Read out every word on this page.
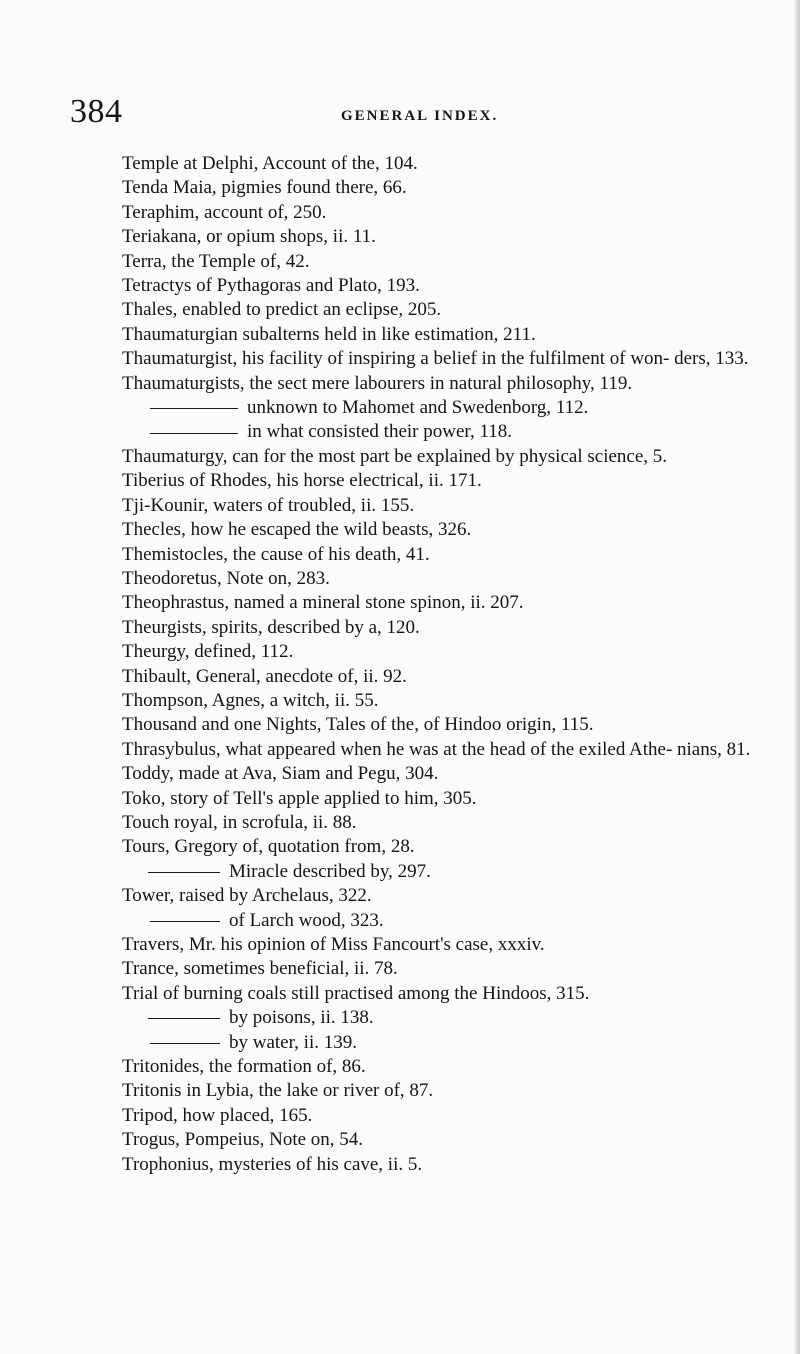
384	GENERAL INDEX.
Temple at Delphi, Account of the, 104.
Tenda Maia, pigmies found there, 66.
Teraphim, account of, 250.
Teriakana, or opium shops, ii. 11.
Terra, the Temple of, 42.
Tetractys of Pythagoras and Plato, 193.
Thales, enabled to predict an eclipse, 205.
Thaumaturgian subalterns held in like estimation, 211.
Thaumaturgist, his facility of inspiring a belief in the fulfilment of won- ders, 133.
Thaumaturgists, the sect mere labourers in natural philosophy, 119.
unknown to Mahomet and Swedenborg, 112.
in what consisted their power, 118.
Thaumaturgy, can for the most part be explained by physical science, 5.
Tiberius of Rhodes, his horse electrical, ii. 171.
Tji-Kounir, waters of troubled, ii. 155.
Thecles, how he escaped the wild beasts, 326.
Themistocles, the cause of his death, 41.
Theodoretus, Note on, 283.
Theophrastus, named a mineral stone spinon, ii. 207.
Theurgists, spirits, described by a, 120.
Theurgy, defined, 112.
Thibault, General, anecdote of, ii. 92.
Thompson, Agnes, a witch, ii. 55.
Thousand and one Nights, Tales of the, of Hindoo origin, 115.
Thrasybulus, what appeared when he was at the head of the exiled Athe- nians, 81.
Toddy, made at Ava, Siam and Pegu, 304.
Toko, story of Tell's apple applied to him, 305.
Touch royal, in scrofula, ii. 88.
Tours, Gregory of, quotation from, 28.
Miracle described by, 297.
Tower, raised by Archelaus, 322.
of Larch wood, 323.
Travers, Mr. his opinion of Miss Fancourt's case, xxxiv.
Trance, sometimes beneficial, ii. 78.
Trial of burning coals still practised among the Hindoos, 315.
by poisons, ii. 138.
by water, ii. 139.
Tritonides, the formation of, 86.
Tritonis in Lybia, the lake or river of, 87.
Tripod, how placed, 165.
Trogus, Pompeius, Note on, 54.
Trophonius, mysteries of his cave, ii. 5.
